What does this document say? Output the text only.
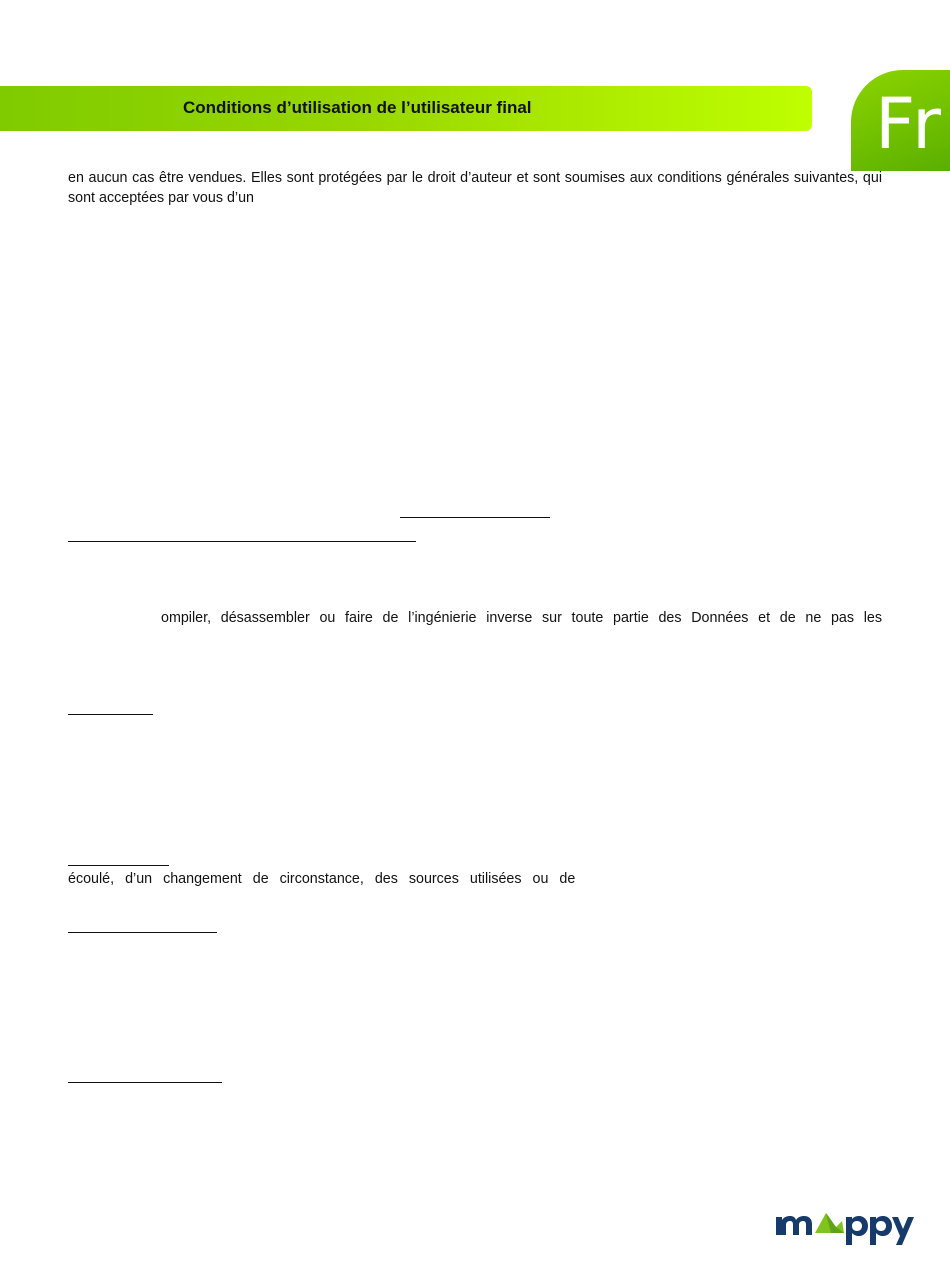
Conditions d’utilisation de l’utilisateur final	Fr

en aucun cas être vendues. Elles sont protégées par le droit d’auteur et sont soumises aux conditions générales suivantes, qui sont acceptées par vous d’un

ompiler, désassembler ou faire de l’ingénierie inverse sur toute partie des Données et de ne pas les

écoulé, d’un changement de circonstance, des sources utilisées ou de
